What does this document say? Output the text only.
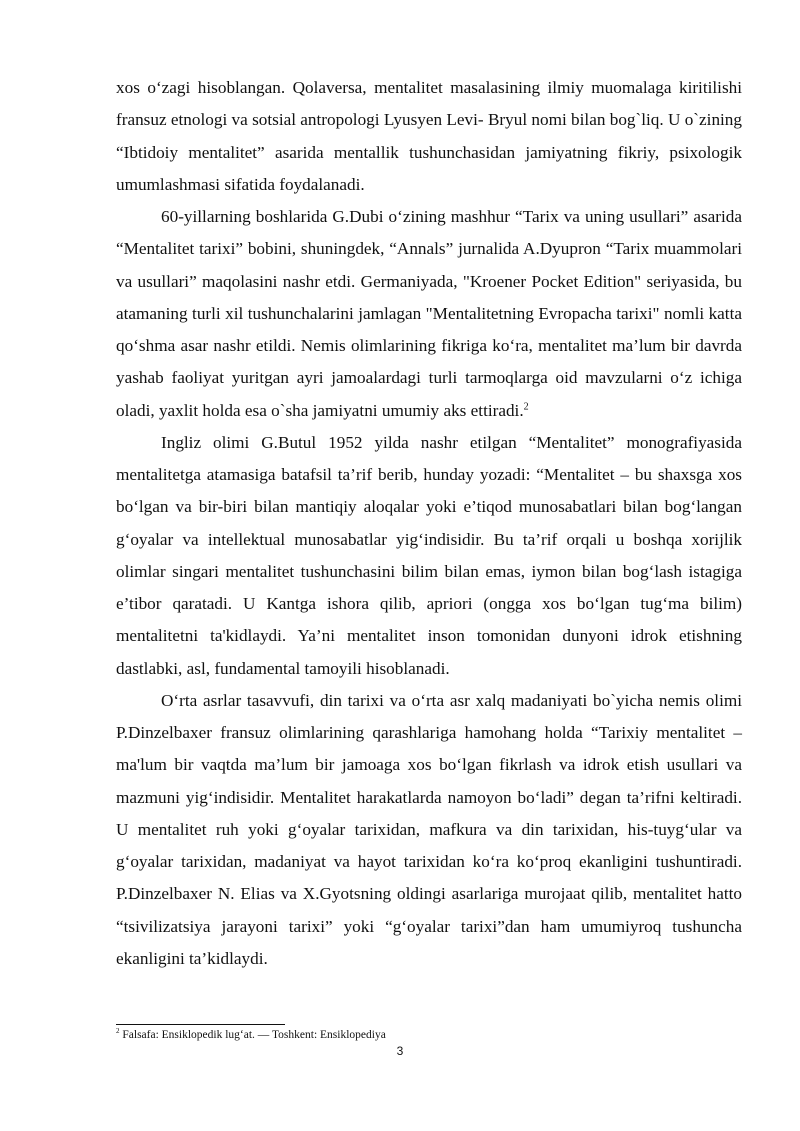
xos o‘zagi hisoblangan. Qolaversa, mentalitet masalasining ilmiy muomalaga kiritilishi fransuz etnologi va sotsial antropologi Lyusyen Levi- Bryul nomi bilan bog`liq. U o`zining “Ibtidoiy mentalitet” asarida mentallik tushunchasidan jamiyatning fikriy, psixologik umumlashmasi sifatida foydalanadi.

60-yillarning boshlarida G.Dubi o‘zining mashhur “Tarix va uning usullari” asarida “Mentalitet tarixi” bobini, shuningdek, “Annals” jurnalida A.Dyupron “Tarix muammolari va usullari” maqolasini nashr etdi. Germaniyada, "Kroener Pocket Edition" seriyasida, bu atamaning turli xil tushunchalarini jamlagan "Mentalitetning Evropacha tarixi" nomli katta qo‘shma asar nashr etildi. Nemis olimlarining fikriga ko‘ra, mentalitet ma’lum bir davrda yashab faoliyat yuritgan ayri jamoalardagi turli tarmoqlarga oid mavzularni o‘z ichiga oladi, yaxlit holda esa o`sha jamiyatni umumiy aks ettiradi.$^2$

Ingliz olimi G.Butul 1952 yilda nashr etilgan “Mentalitet” monografiyasida mentalitetga atamasiga batafsil ta’rif berib, hunday yozadi: “Mentalitet – bu shaxsga xos bo‘lgan va bir-biri bilan mantiqiy aloqalar yoki e’tiqod munosabatlari bilan bog‘langan g‘oyalar va intellektual munosabatlar yig‘indisidir. Bu ta’rif orqali u boshqa xorijlik olimlar singari mentalitet tushunchasini bilim bilan emas, iymon bilan bog‘lash istagiga e’tibor qaratadi. U Kantga ishora qilib, apriori (ongga xos bo‘lgan tug‘ma bilim) mentalitetni ta'kidlaydi. Ya’ni mentalitet inson tomonidan dunyoni idrok etishning dastlabki, asl, fundamental tamoyili hisoblanadi.

O‘rta asrlar tasavvufi, din tarixi va o‘rta asr xalq madaniyati bo`yicha nemis olimi P.Dinzelbaxer fransuz olimlarining qarashlariga hamohang holda “Tarixiy mentalitet – ma'lum bir vaqtda ma’lum bir jamoaga xos bo‘lgan fikrlash va idrok etish usullari va mazmuni yig‘indisidir. Mentalitet harakatlarda namoyon bo‘ladi” degan ta’rifni keltiradi. U mentalitet ruh yoki g‘oyalar tarixidan, mafkura va din tarixidan, his-tuyg‘ular va g‘oyalar tarixidan, madaniyat va hayot tarixidan ko‘ra ko‘proq ekanligini tushuntiradi. P.Dinzelbaxer N. Elias va X.Gyotsning oldingi asarlariga murojaat qilib, mentalitet hatto “tsivilizatsiya jarayoni tarixi” yoki “g‘oyalar tarixi”dan ham umumiyroq tushuncha ekanligini ta’kidlaydi.

$^2$ Falsafa: Ensiklopedik lug‘at. — Toshkent: Ensiklopediya
3
